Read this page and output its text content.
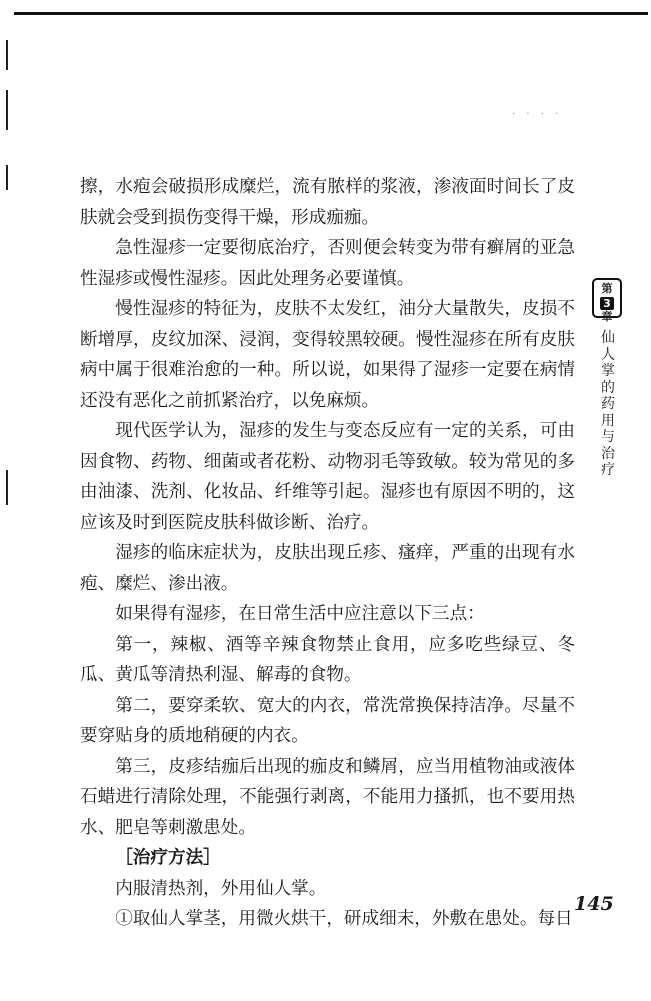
. . . .

擦，水疱会破损形成糜烂，流有脓样的浆液，渗液面时间长了皮肤就会受到损伤变得干燥，形成痂痂。

急性湿疹一定要彻底治疗，否则便会转变为带有癣屑的亚急性湿疹或慢性湿疹。因此处理务必要谨慎。

慢性湿疹的特征为，皮肤不太发红，油分大量散失，皮损不断增厚，皮纹加深、浸润，变得较黑较硬。慢性湿疹在所有皮肤病中属于很难治愈的一种。所以说，如果得了湿疹一定要在病情还没有恶化之前抓紧治疗，以免麻烦。

现代医学认为，湿疹的发生与变态反应有一定的关系，可由因食物、药物、细菌或者花粉、动物羽毛等致敏。较为常见的多由油漆、洗剂、化妆品、纤维等引起。湿疹也有原因不明的，这应该及时到医院皮肤科做诊断、治疗。

湿疹的临床症状为，皮肤出现丘疹、瘙痒，严重的出现有水疱、糜烂、渗出液。

如果得有湿疹，在日常生活中应注意以下三点：

第一，辣椒、酒等辛辣食物禁止食用，应多吃些绿豆、冬瓜、黄瓜等清热利湿、解毒的食物。

第二，要穿柔软、宽大的内衣，常洗常换保持洁净。尽量不要穿贴身的质地稍硬的内衣。

第三，皮疹结痂后出现的痂皮和鳞屑，应当用植物油或液体石蜡进行清除处理，不能强行剥离，不能用力搔抓，也不要用热水、肥皂等刺激患处。

［治疗方法］

内服清热剂，外用仙人掌。

①取仙人掌茎，用微火烘干，研成细末，外敷在患处。每日

第
3
章
仙人掌的药用与治疗
145
